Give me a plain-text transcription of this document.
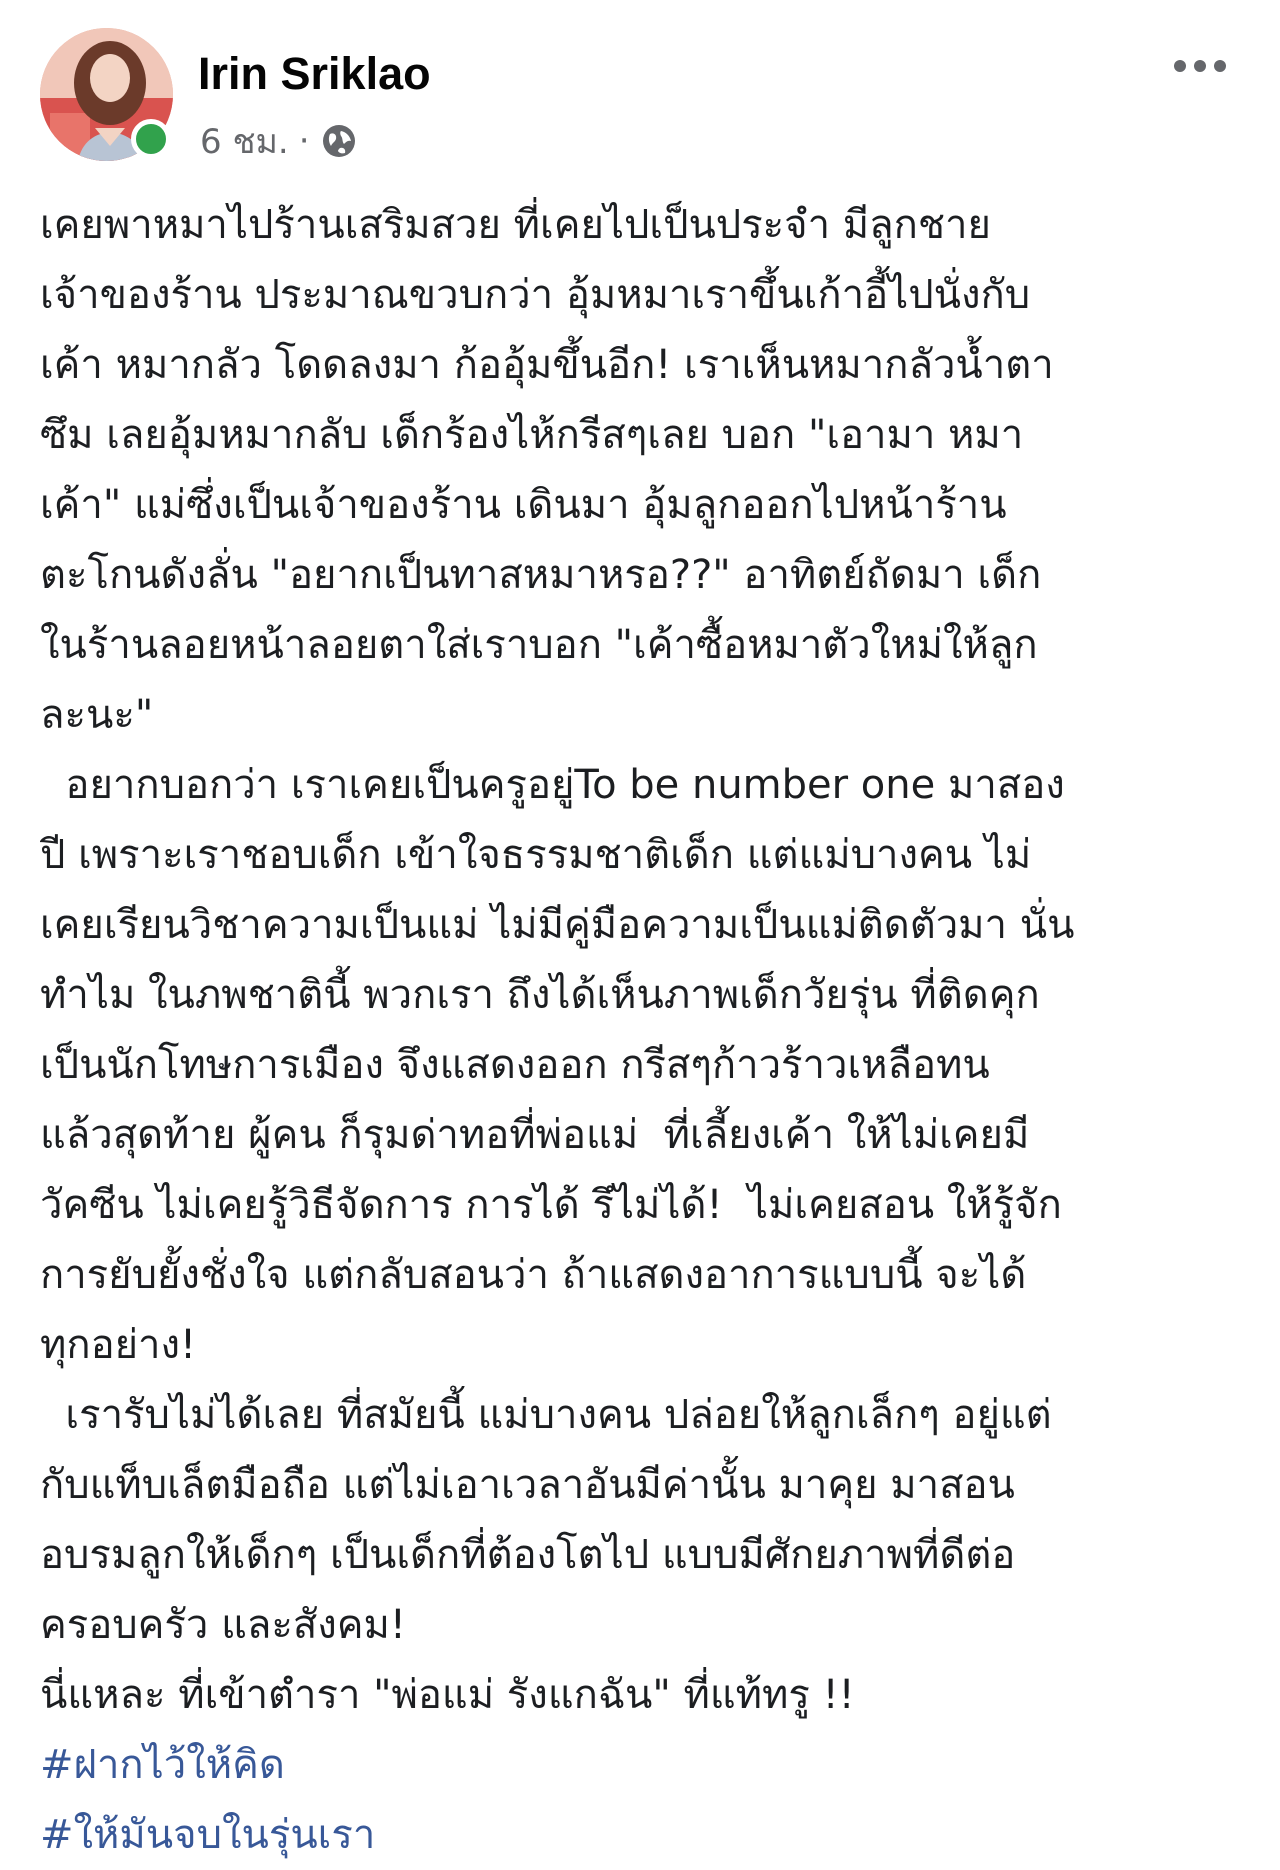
Irin Sriklao
6 ชม. ·
เคยพาหมาไปร้านเสริมสวย ที่เคยไปเป็นประจำ มีลูกชาย
เจ้าของร้าน ประมาณขวบกว่า อุ้มหมาเราขึ้นเก้าอี้ไปนั่งกับ
เค้า หมากลัว โดดลงมา ก้ออุ้มขึ้นอีก! เราเห็นหมากลัวน้ำตา
ซึม เลยอุ้มหมากลับ เด็กร้องไห้กรีสๆเลย บอก "เอามา หมา
เค้า" แม่ซึ่งเป็นเจ้าของร้าน เดินมา อุ้มลูกออกไปหน้าร้าน
ตะโกนดังลั่น "อยากเป็นทาสหมาหรอ??" อาทิตย์ถัดมา เด็ก
ในร้านลอยหน้าลอยตาใส่เราบอก "เค้าซื้อหมาตัวใหม่ให้ลูก
ละนะ"
อยากบอกว่า เราเคยเป็นครูอยู่To be number one มาสอง
ปี เพราะเราชอบเด็ก เข้าใจธรรมชาติเด็ก แต่แม่บางคน ไม่
เคยเรียนวิชาความเป็นแม่ ไม่มีคู่มือความเป็นแม่ติดตัวมา นั่น
ทำไม ในภพชาตินี้ พวกเรา ถึงได้เห็นภาพเด็กวัยรุ่น ที่ติดคุก
เป็นนักโทษการเมือง จึงแสดงออก กรีสๆก้าวร้าวเหลือทน
แล้วสุดท้าย ผู้คน ก็รุมด่าทอที่พ่อแม่  ที่เลี้ยงเค้า ให้ไม่เคยมี
วัคซีน ไม่เคยรู้วิธีจัดการ การได้ รึไม่ได้!  ไม่เคยสอน ให้รู้จัก
การยับยั้งชั่งใจ แต่กลับสอนว่า ถ้าแสดงอาการแบบนี้ จะได้
ทุกอย่าง!
เรารับไม่ได้เลย ที่สมัยนี้ แม่บางคน ปล่อยให้ลูกเล็กๆ อยู่แต่
กับแท็บเล็ตมือถือ แต่ไม่เอาเวลาอันมีค่านั้น มาคุย มาสอน
อบรมลูกให้เด็กๆ เป็นเด็กที่ต้องโตไป แบบมีศักยภาพที่ดีต่อ
ครอบครัว และสังคม!
นี่แหละ ที่เข้าตำรา "พ่อแม่ รังแกฉัน" ที่แท้ทรู !!
#ฝากไว้ให้คิด
#ให้มันจบในรุ่นเรา
